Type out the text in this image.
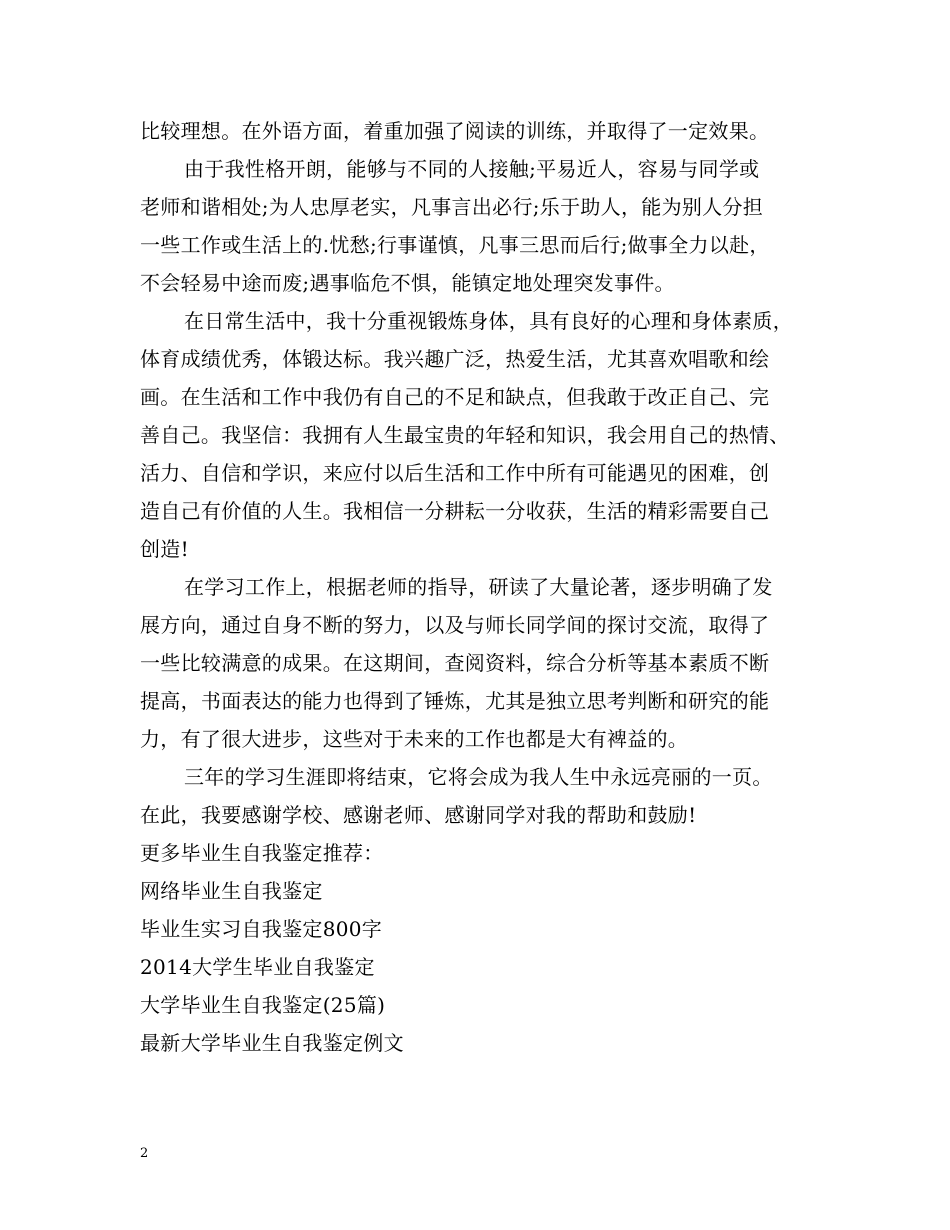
比较理想。在外语方面，着重加强了阅读的训练，并取得了一定效果。
由于我性格开朗，能够与不同的人接触;平易近人，容易与同学或
老师和谐相处;为人忠厚老实，凡事言出必行;乐于助人，能为别人分担
一些工作或生活上的.忧愁;行事谨慎，凡事三思而后行;做事全力以赴，
不会轻易中途而废;遇事临危不惧，能镇定地处理突发事件。
在日常生活中，我十分重视锻炼身体，具有良好的心理和身体素质，
体育成绩优秀，体锻达标。我兴趣广泛，热爱生活，尤其喜欢唱歌和绘
画。在生活和工作中我仍有自己的不足和缺点，但我敢于改正自己、完
善自己。我坚信：我拥有人生最宝贵的年轻和知识，我会用自己的热情、
活力、自信和学识，来应付以后生活和工作中所有可能遇见的困难，创
造自己有价值的人生。我相信一分耕耘一分收获，生活的精彩需要自己
创造!
在学习工作上，根据老师的指导，研读了大量论著，逐步明确了发
展方向，通过自身不断的努力，以及与师长同学间的探讨交流，取得了
一些比较满意的成果。在这期间，查阅资料，综合分析等基本素质不断
提高，书面表达的能力也得到了锤炼，尤其是独立思考判断和研究的能
力，有了很大进步，这些对于未来的工作也都是大有裨益的。
三年的学习生涯即将结束，它将会成为我人生中永远亮丽的一页。
在此，我要感谢学校、感谢老师、感谢同学对我的帮助和鼓励!
更多毕业生自我鉴定推荐：
网络毕业生自我鉴定
毕业生实习自我鉴定800字
2014大学生毕业自我鉴定
大学毕业生自我鉴定(25篇)
最新大学毕业生自我鉴定例文
2
